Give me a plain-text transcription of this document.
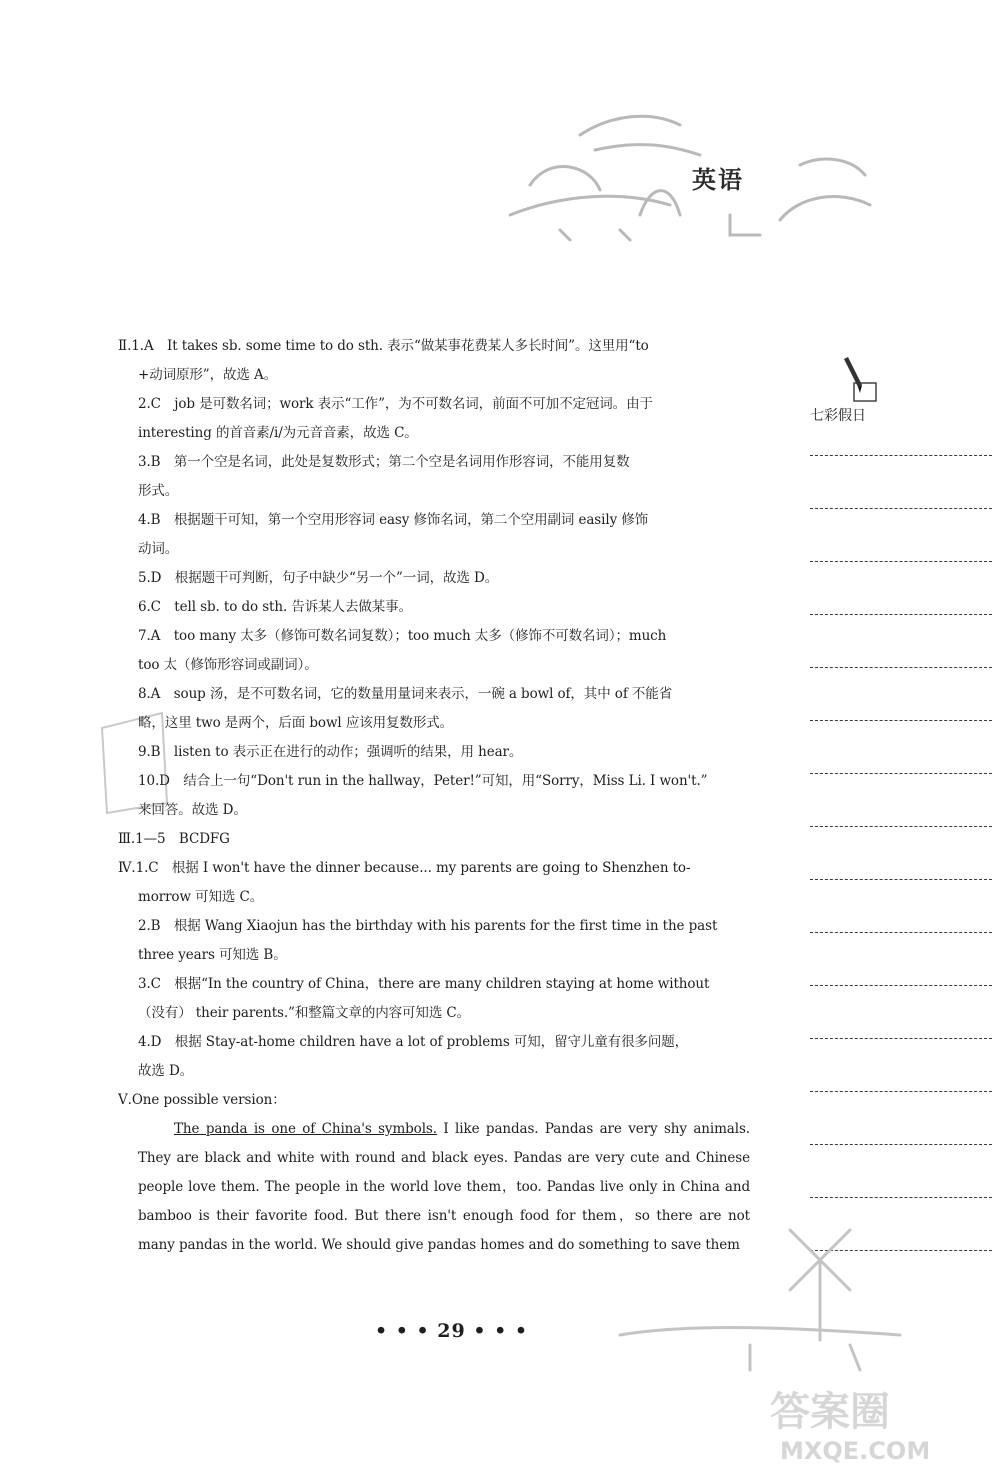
英语
七彩假日
Ⅱ.1.A　It takes sb. some time to do sth. 表示“做某事花费某人多长时间”。这里用“to
+动词原形”，故选 A。
2.C　job 是可数名词；work 表示“工作”，为不可数名词，前面不可加不定冠词。由于
interesting 的首音素/i/为元音音素，故选 C。
3.B　第一个空是名词，此处是复数形式；第二个空是名词用作形容词，不能用复数
形式。
4.B　根据题干可知，第一个空用形容词 easy 修饰名词，第二个空用副词 easily 修饰
动词。
5.D　根据题干可判断，句子中缺少“另一个”一词，故选 D。
6.C　tell sb. to do sth. 告诉某人去做某事。
7.A　too many 太多（修饰可数名词复数）；too much 太多（修饰不可数名词）；much
too 太（修饰形容词或副词）。
8.A　soup 汤，是不可数名词，它的数量用量词来表示，一碗 a bowl of，其中 of 不能省
略，这里 two 是两个，后面 bowl 应该用复数形式。
9.B　listen to 表示正在进行的动作；强调听的结果，用 hear。
10.D　结合上一句“Don't run in the hallway，Peter!”可知，用“Sorry，Miss Li. I won't.”
来回答。故选 D。
Ⅲ.1—5　BCDFG
Ⅳ.1.C　根据 I won't have the dinner because... my parents are going to Shenzhen to-
morrow 可知选 C。
2.B　根据 Wang Xiaojun has the birthday with his parents for the first time in the past
three years 可知选 B。
3.C　根据“In the country of China，there are many children staying at home without
（没有） their parents.”和整篇文章的内容可知选 C。
4.D　根据 Stay-at-home children have a lot of problems 可知，留守儿童有很多问题，
故选 D。
Ⅴ.One possible version：
The panda is one of China's symbols. I like pandas. Pandas are very shy animals. They are black and white with round and black eyes. Pandas are very cute and Chinese people love them. The people in the world love them，too. Pandas live only in China and bamboo is their favorite food. But there isn't enough food for them，so there are not many pandas in the world. We should give pandas homes and do something to save them
• • • 29 • • •
答案圈
MXQE.COM
